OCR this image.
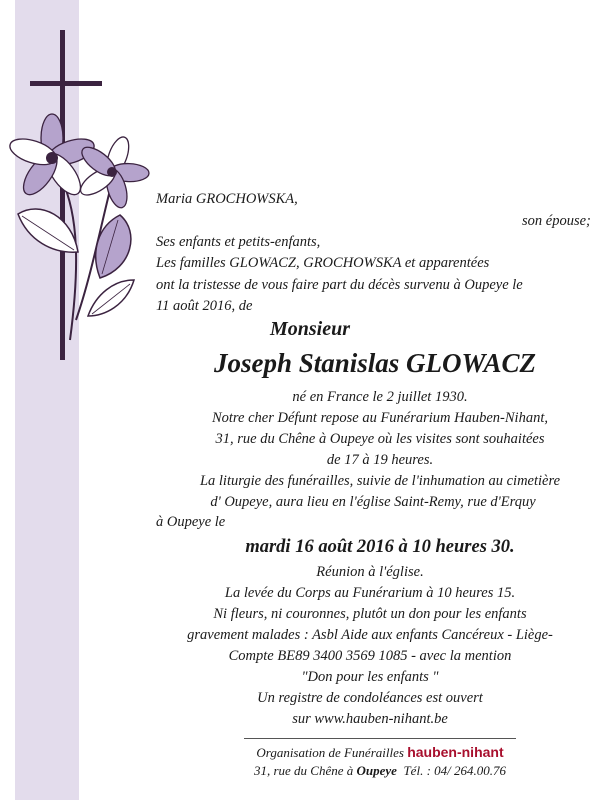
Maria GROCHOWSKA,
son épouse;
Ses enfants et petits-enfants,
Les familles GLOWACZ, GROCHOWSKA et apparentées
ont la tristesse de vous faire part du décès survenu à Oupeye le
11 août 2016, de
Monsieur
Joseph Stanislas GLOWACZ
né en France le 2 juillet 1930.
Notre cher Défunt repose au Funérarium Hauben-Nihant,
31, rue du Chêne à Oupeye où les visites sont souhaitées
de 17 à 19 heures.
La liturgie des funérailles, suivie de l'inhumation au cimetière
d' Oupeye, aura lieu en l'église Saint-Remy, rue d'Erquy
à Oupeye le
mardi 16 août 2016 à 10 heures 30.
Réunion à l'église.
La levée du Corps au Funérarium à 10 heures 15.
Ni fleurs, ni couronnes, plutôt un don pour les enfants
gravement malades : Asbl Aide aux enfants Cancéreux - Liège-
Compte BE89 3400 3569 1085 - avec la mention
"Don pour les enfants "
Un registre de condoléances est ouvert
sur www.hauben-nihant.be
Organisation de Funérailles hauben-nihant
31, rue du Chêne à Oupeye Tél. : 04/ 264.00.76
